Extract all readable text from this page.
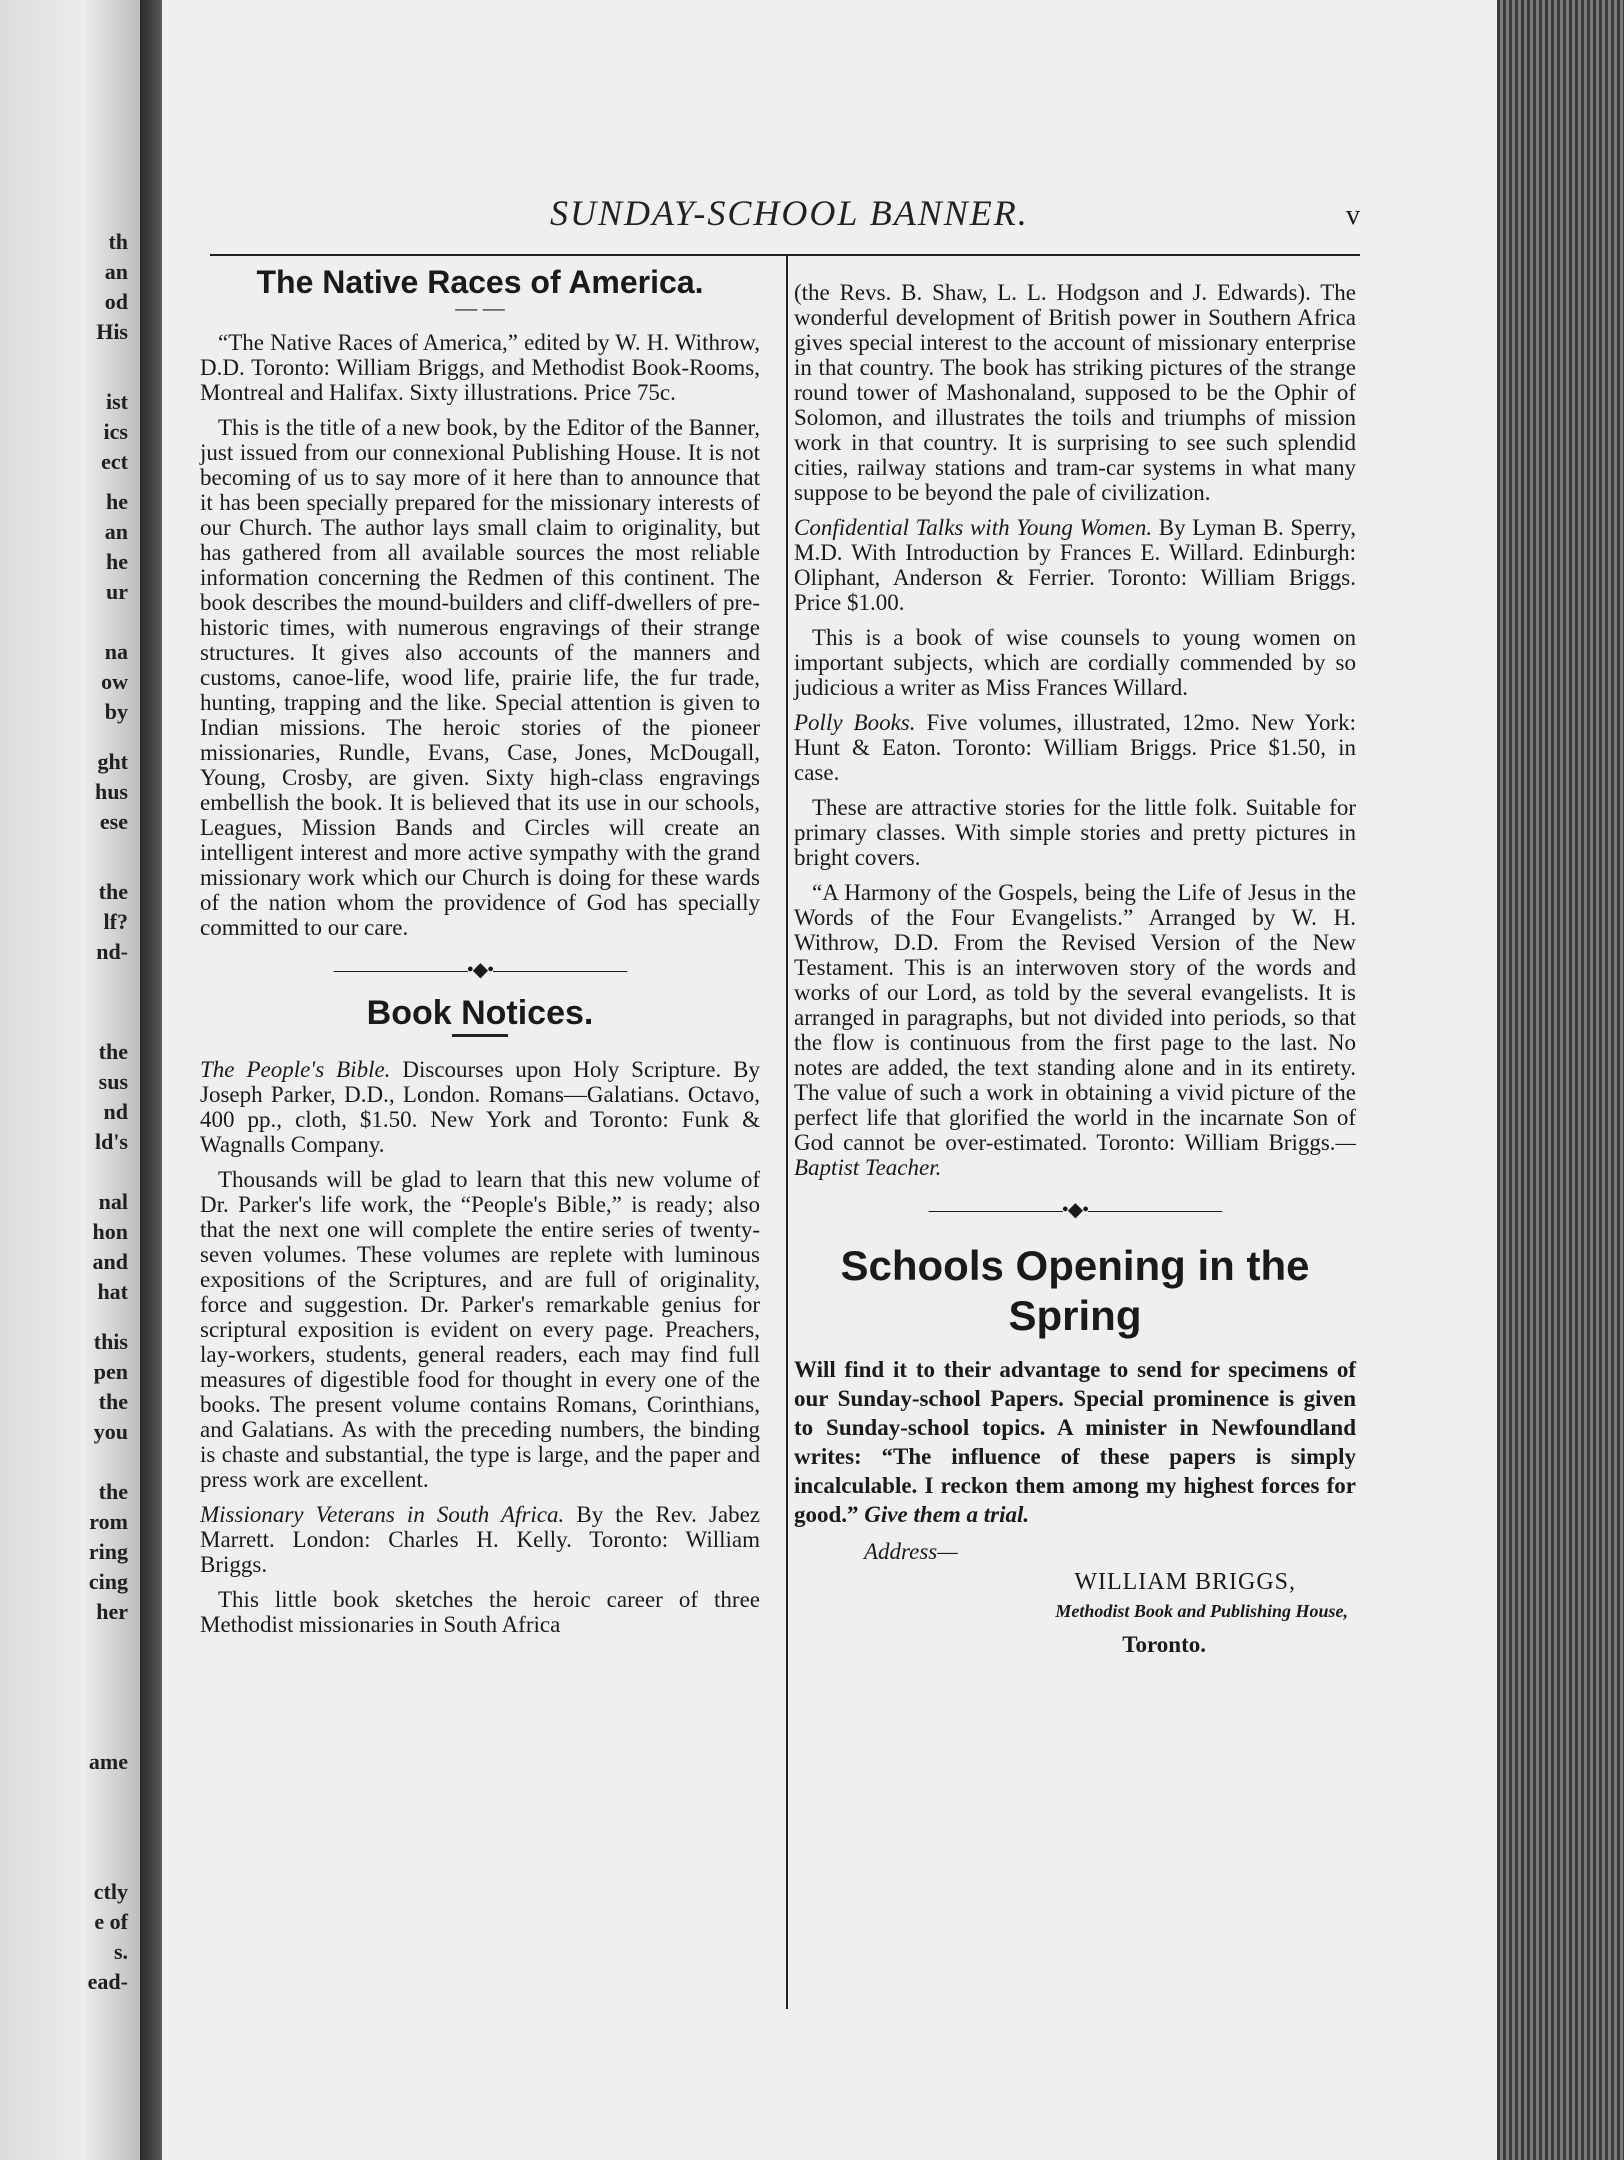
th
an
od
His
ist
ics
ect
he
an
he
ur
na
ow
by
ght
hus
ese
the
lf?
nd-
the
sus
nd
ld's
nal
hon
and
hat
this
pen
the
you
the
rom
ring
cing
her
ame
ctly
e of
s.
ead-
SUNDAY-SCHOOL BANNER.	v
The Native Races of America.
— —

“The Native Races of America,” edited by W. H. Withrow, D.D. Toronto: William Briggs, and Methodist Book-Rooms, Montreal and Halifax. Sixty illustrations. Price 75c.

This is the title of a new book, by the Editor of the Banner, just issued from our connexional Publishing House. It is not becoming of us to say more of it here than to announce that it has been specially prepared for the missionary interests of our Church. The author lays small claim to originality, but has gathered from all available sources the most reliable information concerning the Redmen of this continent. The book describes the mound-builders and cliff-dwellers of pre-historic times, with numerous engravings of their strange structures. It gives also accounts of the manners and customs, canoe-life, wood life, prairie life, the fur trade, hunting, trapping and the like. Special attention is given to Indian missions. The heroic stories of the pioneer missionaries, Rundle, Evans, Case, Jones, McDougall, Young, Crosby, are given. Sixty high-class engravings embellish the book. It is believed that its use in our schools, Leagues, Mission Bands and Circles will create an intelligent interest and more active sympathy with the grand missionary work which our Church is doing for these wards of the nation whom the providence of God has specially committed to our care.

———————•◆•———————
Book Notices.

The People's Bible. Discourses upon Holy Scripture. By Joseph Parker, D.D., London. Romans—Galatians. Octavo, 400 pp., cloth, $1.50. New York and Toronto: Funk & Wagnalls Company.

Thousands will be glad to learn that this new volume of Dr. Parker's life work, the “People's Bible,” is ready; also that the next one will complete the entire series of twenty-seven volumes. These volumes are replete with luminous expositions of the Scriptures, and are full of originality, force and suggestion. Dr. Parker's remarkable genius for scriptural exposition is evident on every page. Preachers, lay-workers, students, general readers, each may find full measures of digestible food for thought in every one of the books. The present volume contains Romans, Corinthians, and Galatians. As with the preceding numbers, the binding is chaste and substantial, the type is large, and the paper and press work are excellent.

Missionary Veterans in South Africa. By the Rev. Jabez Marrett. London: Charles H. Kelly. Toronto: William Briggs.

This little book sketches the heroic career of three Methodist missionaries in South Africa

(the Revs. B. Shaw, L. L. Hodgson and J. Edwards). The wonderful development of British power in Southern Africa gives special interest to the account of missionary enterprise in that country. The book has striking pictures of the strange round tower of Mashonaland, supposed to be the Ophir of Solomon, and illustrates the toils and triumphs of mission work in that country. It is surprising to see such splendid cities, railway stations and tram-car systems in what many suppose to be beyond the pale of civilization.

Confidential Talks with Young Women. By Lyman B. Sperry, M.D. With Introduction by Frances E. Willard. Edinburgh: Oliphant, Anderson & Ferrier. Toronto: William Briggs. Price $1.00.

This is a book of wise counsels to young women on important subjects, which are cordially commended by so judicious a writer as Miss Frances Willard.

Polly Books. Five volumes, illustrated, 12mo. New York: Hunt & Eaton. Toronto: William Briggs. Price $1.50, in case.

These are attractive stories for the little folk. Suitable for primary classes. With simple stories and pretty pictures in bright covers.

“A Harmony of the Gospels, being the Life of Jesus in the Words of the Four Evangelists.” Arranged by W. H. Withrow, D.D. From the Revised Version of the New Testament. This is an interwoven story of the words and works of our Lord, as told by the several evangelists. It is arranged in paragraphs, but not divided into periods, so that the flow is continuous from the first page to the last. No notes are added, the text standing alone and in its entirety. The value of such a work in obtaining a vivid picture of the perfect life that glorified the world in the incarnate Son of God cannot be over-estimated. Toronto: William Briggs.—Baptist Teacher.

———————•◆•———————
Schools Opening in the Spring

Will find it to their advantage to send for specimens of our Sunday-school Papers. Special prominence is given to Sunday-school topics. A minister in Newfoundland writes: “The influence of these papers is simply incalculable. I reckon them among my highest forces for good.” Give them a trial.

Address—
WILLIAM BRIGGS,
Methodist Book and Publishing House,
Toronto.
